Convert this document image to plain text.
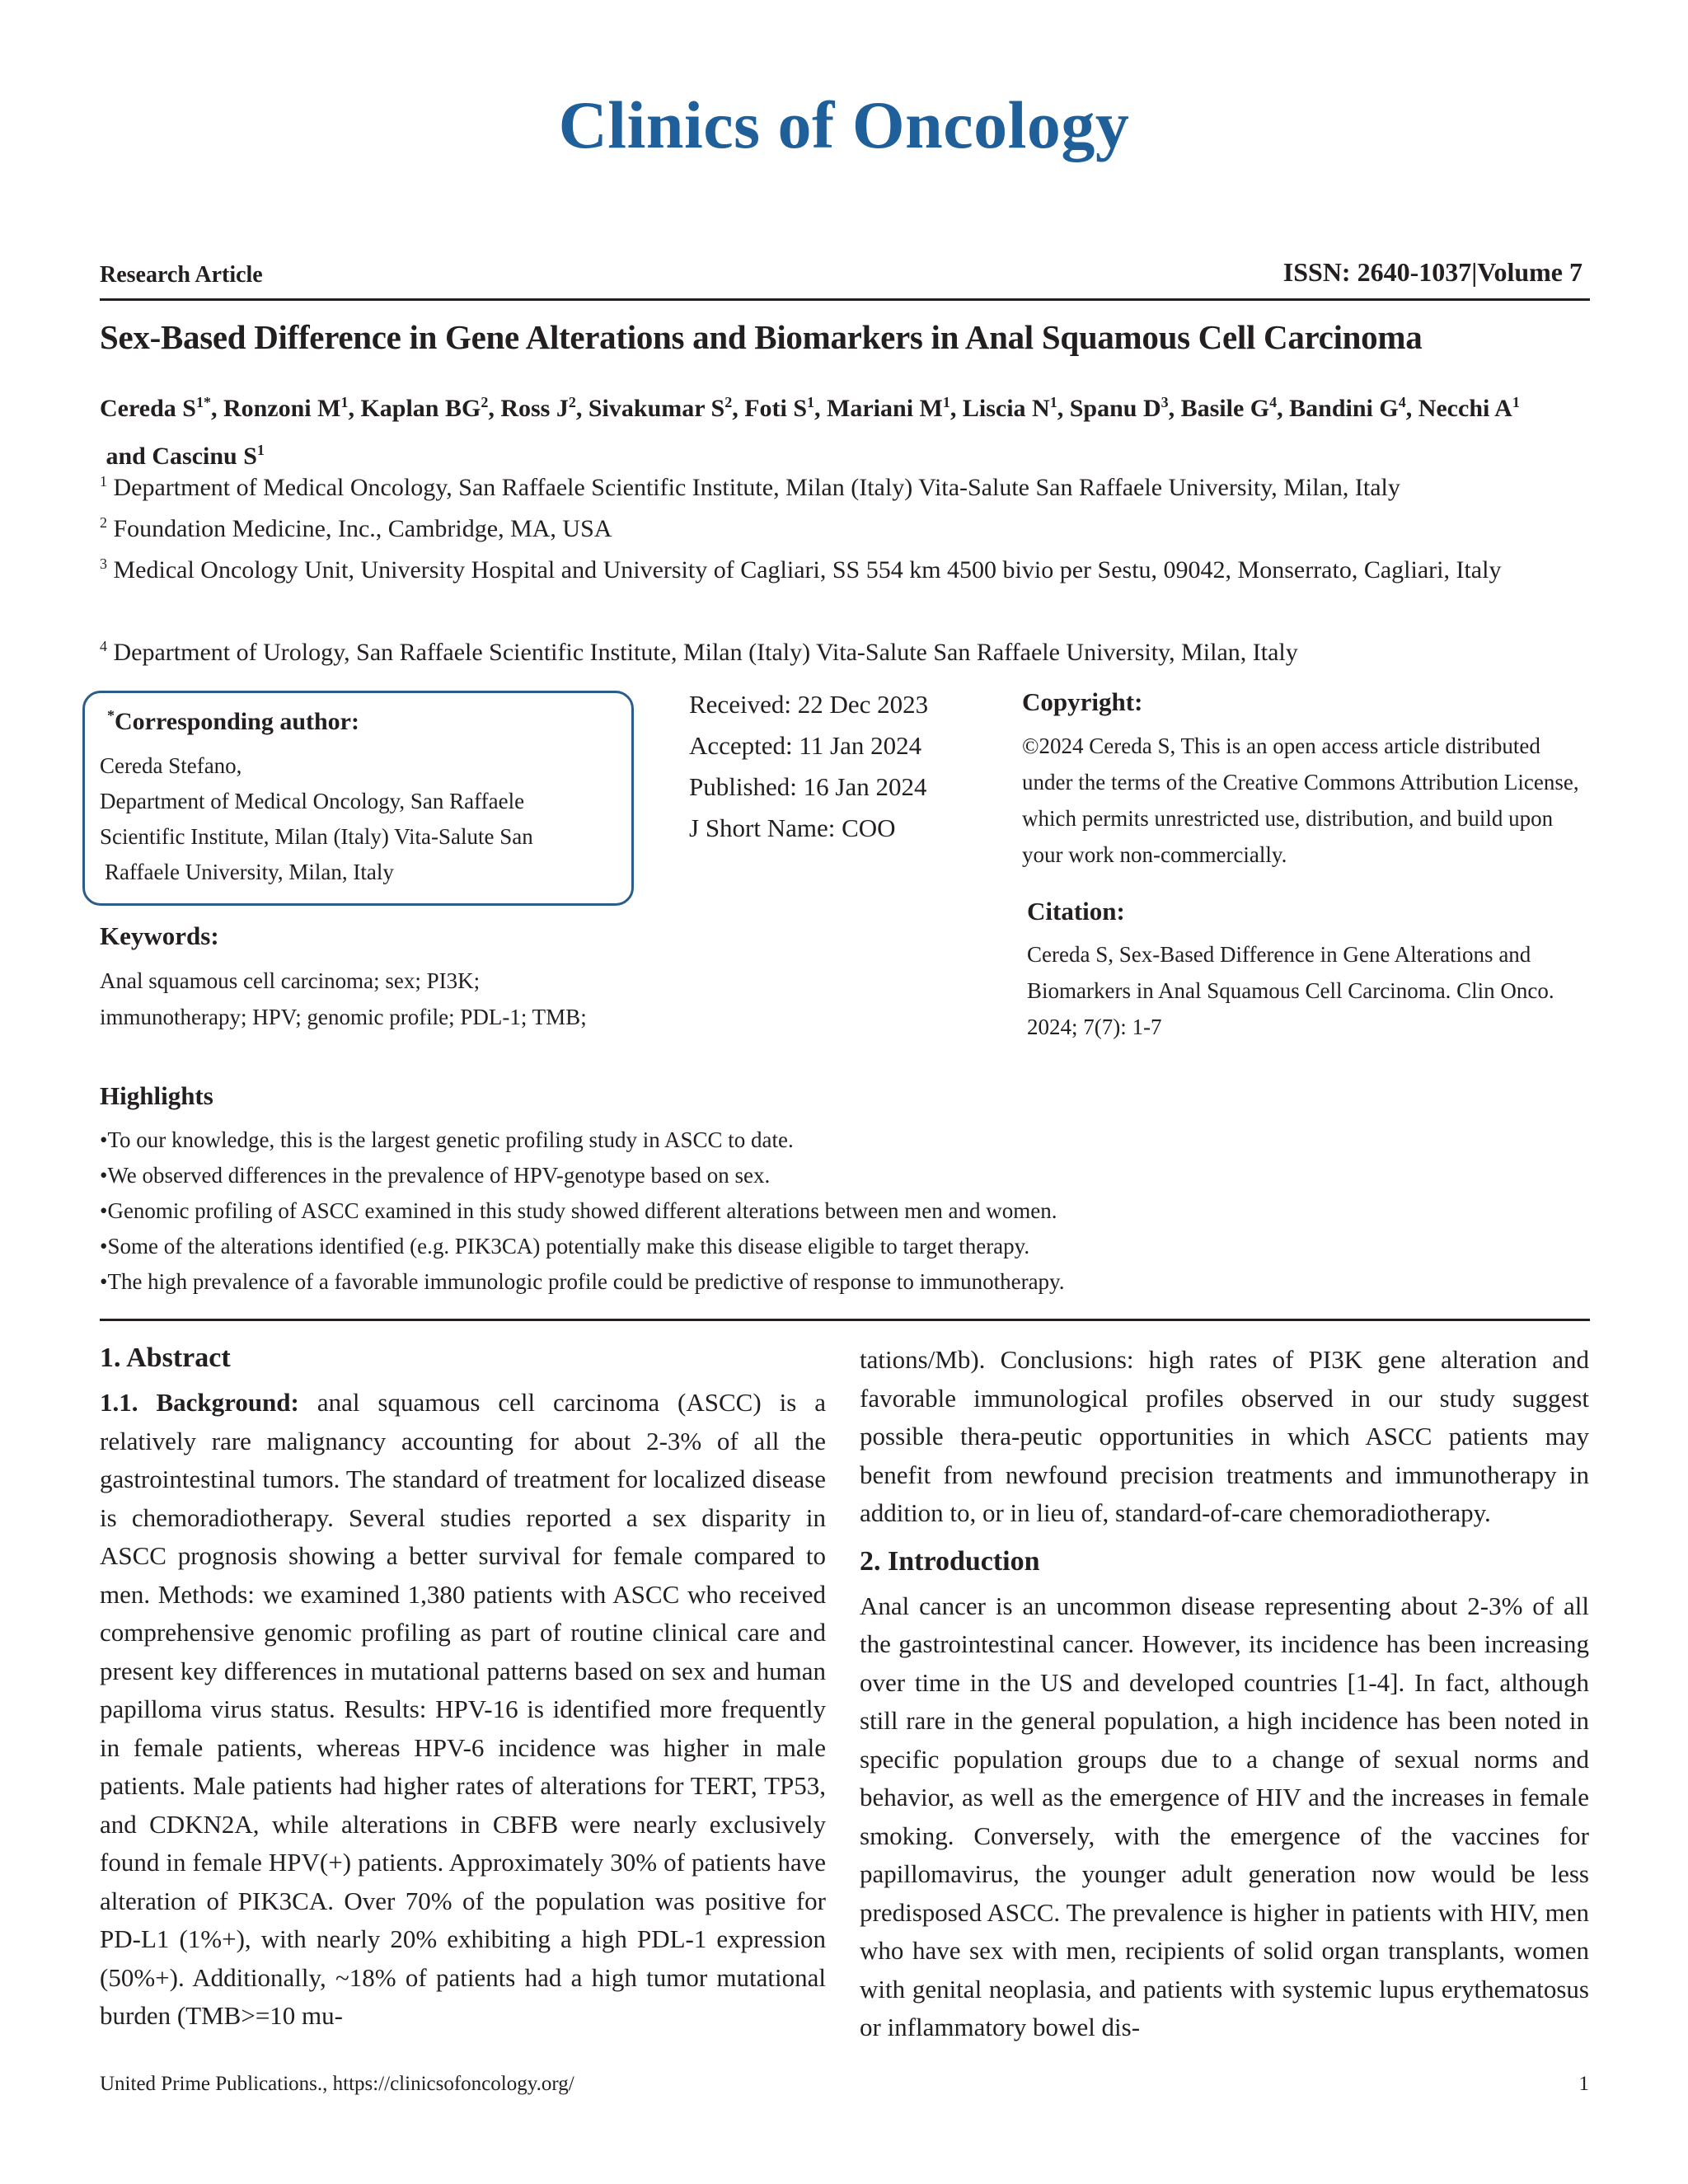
Clinics of Oncology
Research Article	ISSN: 2640-1037|Volume 7
Sex-Based Difference in Gene Alterations and Biomarkers in Anal Squamous Cell Carcinoma
Cereda $S^{1*}$, Ronzoni $M^1$, Kaplan $BG^2$, Ross $J^2$, Sivakumar $S^2$, Foti $S^1$, Mariani $M^1$, Liscia $N^1$, Spanu $D^3$, Basile $G^4$, Bandini $G^4$, Necchi $A^1$ and Cascinu $S^1$
$^1$ Department of Medical Oncology, San Raffaele Scientific Institute, Milan (Italy) Vita-Salute San Raffaele University, Milan, Italy
$^2$ Foundation Medicine, Inc., Cambridge, MA, USA
$^3$ Medical Oncology Unit, University Hospital and University of Cagliari, SS 554 km 4500 bivio per Sestu, 09042, Monserrato, Cagliari, Italy
$^4$ Department of Urology, San Raffaele Scientific Institute, Milan (Italy) Vita-Salute San Raffaele University, Milan, Italy
*Corresponding author:
Cereda Stefano,
Department of Medical Oncology, San Raffaele
Scientific Institute, Milan (Italy) Vita-Salute San
Raffaele University, Milan, Italy
Received: 22 Dec 2023
Accepted: 11 Jan 2024
Published: 16 Jan 2024
J Short Name: COO
Copyright:
©2024 Cereda S, This is an open access article distributed under the terms of the Creative Commons Attribution License, which permits unrestricted use, distribution, and build upon your work non-commercially.
Citation:
Cereda S, Sex-Based Difference in Gene Alterations and Biomarkers in Anal Squamous Cell Carcinoma. Clin Onco. 2024; 7(7): 1-7
Keywords:
Anal squamous cell carcinoma; sex; PI3K; immunotherapy; HPV; genomic profile; PDL-1; TMB;
Highlights
•To our knowledge, this is the largest genetic profiling study in ASCC to date.
•We observed differences in the prevalence of HPV-genotype based on sex.
•Genomic profiling of ASCC examined in this study showed different alterations between men and women.
•Some of the alterations identified (e.g. PIK3CA) potentially make this disease eligible to target therapy.
•The high prevalence of a favorable immunologic profile could be predictive of response to immunotherapy.
1. Abstract

1.1. Background: anal squamous cell carcinoma (ASCC) is a relatively rare malignancy accounting for about 2-3% of all the gastrointestinal tumors. The standard of treatment for localized disease is chemoradiotherapy. Several studies reported a sex disparity in ASCC prognosis showing a better survival for female compared to men. Methods: we examined 1,380 patients with ASCC who received comprehensive genomic profiling as part of routine clinical care and present key differences in mutational patterns based on sex and human papilloma virus status. Results: HPV-16 is identified more frequently in female patients, whereas HPV-6 incidence was higher in male patients. Male patients had higher rates of alterations for TERT, TP53, and CDKN2A, while alterations in CBFB were nearly exclusively found in female HPV(+) patients. Approximately 30% of patients have alteration of PIK3CA. Over 70% of the population was positive for PD-L1 (1%+), with nearly 20% exhibiting a high PDL-1 expression (50%+). Additionally, ~18% of patients had a high tumor mutational burden (TMB>=10 mu-

tations/Mb). Conclusions: high rates of PI3K gene alteration and favorable immunological profiles observed in our study suggest possible thera-peutic opportunities in which ASCC patients may benefit from newfound precision treatments and immunotherapy in addition to, or in lieu of, standard-of-care chemoradiotherapy.

2. Introduction

Anal cancer is an uncommon disease representing about 2-3% of all the gastrointestinal cancer. However, its incidence has been increasing over time in the US and developed countries [1-4]. In fact, although still rare in the general population, a high incidence has been noted in specific population groups due to a change of sexual norms and behavior, as well as the emergence of HIV and the increases in female smoking. Conversely, with the emergence of the vaccines for papillomavirus, the younger adult generation now would be less predisposed ASCC. The prevalence is higher in patients with HIV, men who have sex with men, recipients of solid organ transplants, women with genital neoplasia, and patients with systemic lupus erythematosus or inflammatory bowel dis-

United Prime Publications., https://clinicsofoncology.org/	1
